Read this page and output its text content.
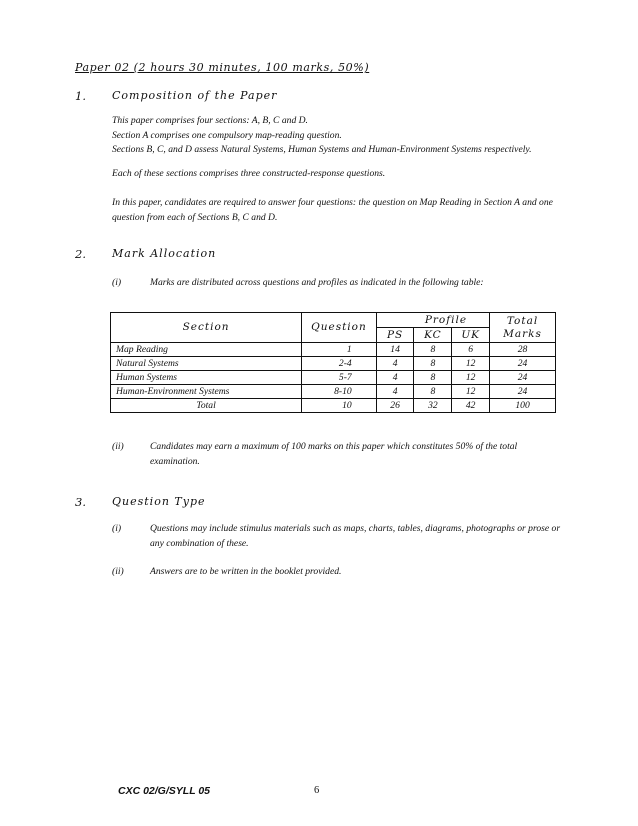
Paper 02 (2 hours 30 minutes, 100 marks, 50%)
1. Composition of the Paper

This paper comprises four sections: A, B, C and D.

Section A comprises one compulsory map-reading question.

Sections B, C, and D assess Natural Systems, Human Systems and Human-Environment Systems respectively.

Each of these sections comprises three constructed-response questions.

In this paper, candidates are required to answer four questions: the question on Map Reading in Section A and one

question from each of Sections B, C and D.

2. Mark Allocation
(i)	Marks are distributed across questions and profiles as indicated in the following table:
Section	Question	Profile			Total
Marks

		PS	KC	UK	
Map Reading	1	14	8	6	28
Natural Systems	2-4	4	8	12	24
Human Systems	5-7	4	8	12	24
Human-Environment Systems	8-10	4	8	12	24
Total	10	26	32	42	100
(ii)	Candidates may earn a maximum of 100 marks on this paper which constitutes 50% of the total

examination.

3. Question Type
(i)	Questions may include stimulus materials such as maps, charts, tables, diagrams, photographs or prose or

any combination of these.

(ii)	Answers are to be written in the booklet provided.
CXC 02/G/SYLL 05	6
